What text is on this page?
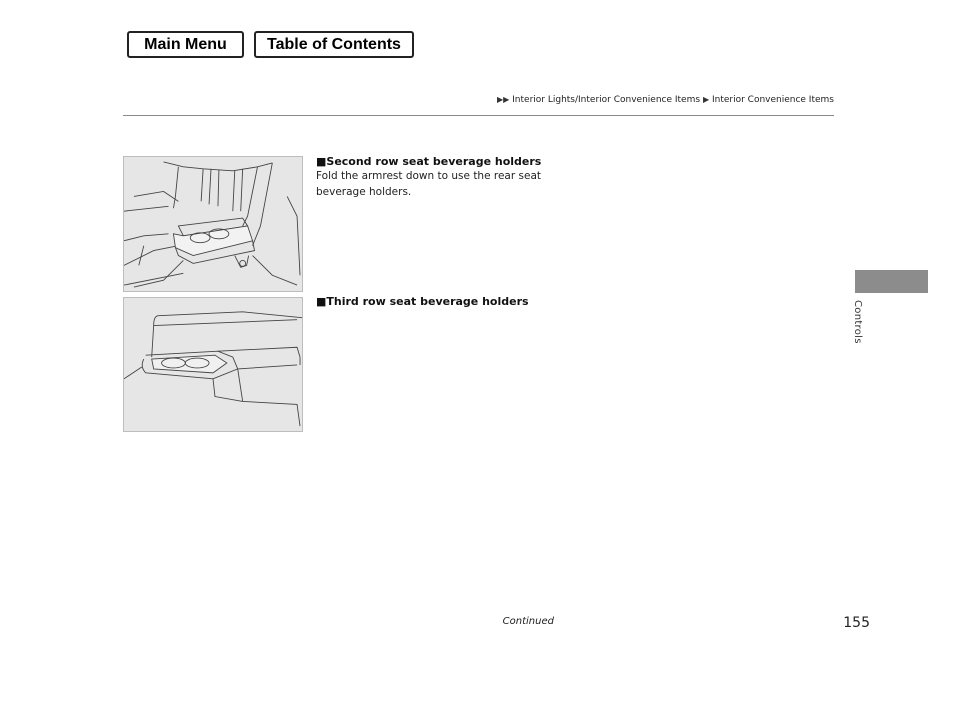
Main Menu	Table of Contents
▶▶ Interior Lights/Interior Convenience Items ▶ Interior Convenience Items
Controls

■Second row seat beverage holders

Fold the armrest down to use the rear seat

beverage holders.

■Third row seat beverage holders

Continued	155
